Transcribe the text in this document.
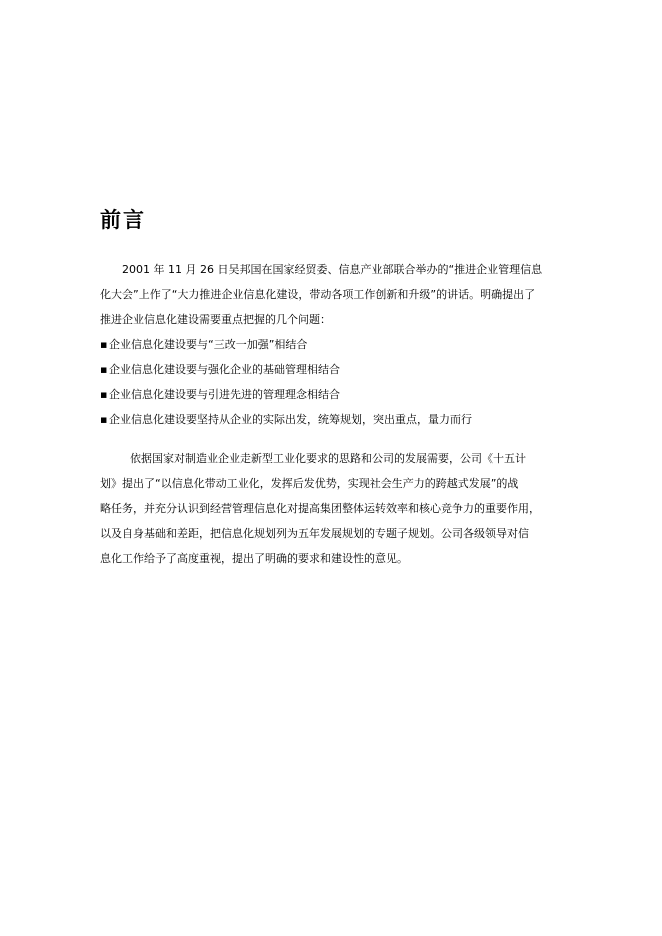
前言

2001 年 11 月 26 日吴邦国在国家经贸委、信息产业部联合举办的“推进企业管理信息
化大会”上作了“大力推进企业信息化建设，带动各项工作创新和升级”的讲话。明确提出了
推进企业信息化建设需要重点把握的几个问题：

▪ 企业信息化建设要与“三改一加强”相结合
▪ 企业信息化建设要与强化企业的基础管理相结合
▪ 企业信息化建设要与引进先进的管理理念相结合
▪ 企业信息化建设要坚持从企业的实际出发，统筹规划，突出重点，量力而行

依据国家对制造业企业走新型工业化要求的思路和公司的发展需要，公司《十五计
划》提出了“以信息化带动工业化，发挥后发优势，实现社会生产力的跨越式发展”的战
略任务，并充分认识到经营管理信息化对提高集团整体运转效率和核心竞争力的重要作用，
以及自身基础和差距，把信息化规划列为五年发展规划的专题子规划。公司各级领导对信
息化工作给予了高度重视，提出了明确的要求和建设性的意见。
